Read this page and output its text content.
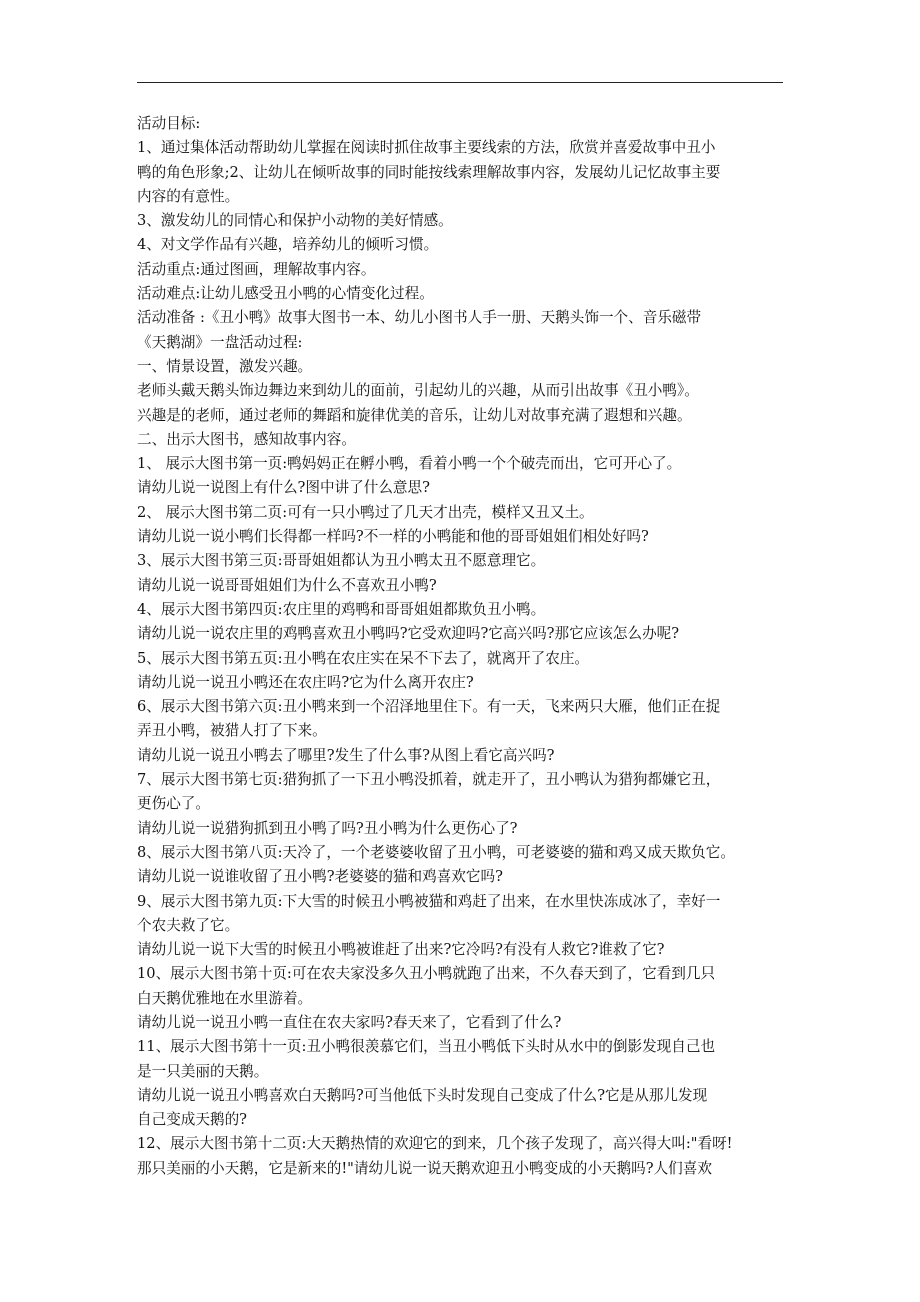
活动目标:
1、通过集体活动帮助幼儿掌握在阅读时抓住故事主要线索的方法，欣赏并喜爱故事中丑小
鸭的角色形象;2、让幼儿在倾听故事的同时能按线索理解故事内容，发展幼儿记忆故事主要
内容的有意性。
3、激发幼儿的同情心和保护小动物的美好情感。
4、对文学作品有兴趣，培养幼儿的倾听习惯。
活动重点:通过图画，理解故事内容。
活动难点:让幼儿感受丑小鸭的心情变化过程。
活动准备 :《丑小鸭》故事大图书一本、幼儿小图书人手一册、天鹅头饰一个、音乐磁带
《天鹅湖》一盘活动过程:
一、情景设置，激发兴趣。
老师头戴天鹅头饰边舞边来到幼儿的面前，引起幼儿的兴趣，从而引出故事《丑小鸭》。
兴趣是的老师，通过老师的舞蹈和旋律优美的音乐，让幼儿对故事充满了遐想和兴趣。
二、出示大图书，感知故事内容。
1、 展示大图书第一页:鸭妈妈正在孵小鸭，看着小鸭一个个破壳而出，它可开心了。
请幼儿说一说图上有什么?图中讲了什么意思?
2、 展示大图书第二页:可有一只小鸭过了几天才出壳，模样又丑又土。
请幼儿说一说小鸭们长得都一样吗?不一样的小鸭能和他的哥哥姐姐们相处好吗?
3、展示大图书第三页:哥哥姐姐都认为丑小鸭太丑不愿意理它。
请幼儿说一说哥哥姐姐们为什么不喜欢丑小鸭?
4、展示大图书第四页:农庄里的鸡鸭和哥哥姐姐都欺负丑小鸭。
请幼儿说一说农庄里的鸡鸭喜欢丑小鸭吗?它受欢迎吗?它高兴吗?那它应该怎么办呢?
5、展示大图书第五页:丑小鸭在农庄实在呆不下去了，就离开了农庄。
请幼儿说一说丑小鸭还在农庄吗?它为什么离开农庄?
6、展示大图书第六页:丑小鸭来到一个沼泽地里住下。有一天，飞来两只大雁，他们正在捉
弄丑小鸭，被猎人打了下来。
请幼儿说一说丑小鸭去了哪里?发生了什么事?从图上看它高兴吗?
7、展示大图书第七页:猎狗抓了一下丑小鸭没抓着，就走开了，丑小鸭认为猎狗都嫌它丑，
更伤心了。
请幼儿说一说猎狗抓到丑小鸭了吗?丑小鸭为什么更伤心了?
8、展示大图书第八页:天冷了，一个老婆婆收留了丑小鸭，可老婆婆的猫和鸡又成天欺负它。
请幼儿说一说谁收留了丑小鸭?老婆婆的猫和鸡喜欢它吗?
9、展示大图书第九页:下大雪的时候丑小鸭被猫和鸡赶了出来，在水里快冻成冰了，幸好一
个农夫救了它。
请幼儿说一说下大雪的时候丑小鸭被谁赶了出来?它冷吗?有没有人救它?谁救了它?
10、展示大图书第十页:可在农夫家没多久丑小鸭就跑了出来，不久春天到了，它看到几只
白天鹅优雅地在水里游着。
请幼儿说一说丑小鸭一直住在农夫家吗?春天来了，它看到了什么?
11、展示大图书第十一页:丑小鸭很羡慕它们，当丑小鸭低下头时从水中的倒影发现自己也
是一只美丽的天鹅。
请幼儿说一说丑小鸭喜欢白天鹅吗?可当他低下头时发现自己变成了什么?它是从那儿发现
自己变成天鹅的?
12、展示大图书第十二页:大天鹅热情的欢迎它的到来，几个孩子发现了，高兴得大叫:"看呀!
那只美丽的小天鹅，它是新来的!"请幼儿说一说天鹅欢迎丑小鸭变成的小天鹅吗?人们喜欢
